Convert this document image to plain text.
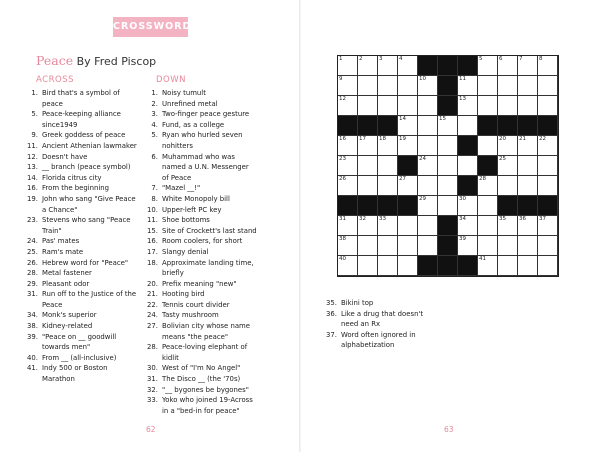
CROSSWORD
Peace By Fred Piscop
ACROSS	DOWN
1. Bird that's a symbol of
peace
5. Peace-keeping alliance
since1949
9. Greek goddess of peace
11. Ancient Athenian lawmaker
12. Doesn't have
13. __ branch (peace symbol)
14. Florida citrus city
16. From the beginning
19. John who sang "Give Peace
a Chance"
23. Stevens who sang "Peace
Train"
24. Pas' mates
25. Ram's mate
26. Hebrew word for "Peace"
28. Metal fastener
29. Pleasant odor
31. Run off to the Justice of the
Peace
34. Monk's superior
38. Kidney-related
39. "Peace on __ goodwill
towards men"
40. From __ (all-inclusive)
41. Indy 500 or Boston
Marathon
1. Noisy tumult
2. Unrefined metal
3. Two-finger peace gesture
4. Fund, as a college
5. Ryan who hurled seven
nohitters
6. Muhammad who was
named a U.N. Messenger
of Peace
7. "Mazel __!"
8. White Monopoly bill
10. Upper-left PC key
11. Shoe bottoms
15. Site of Crockett's last stand
16. Room coolers, for short
17. Slangy denial
18. Approximate landing time,
briefly
20. Prefix meaning "new"
21. Hooting bird
22. Tennis court divider
24. Tasty mushroom
27. Bolivian city whose name
means "the peace"
28. Peace-loving elephant of
kidlit
30. West of "I'm No Angel"
31. The Disco __ (the '70s)
32. "__ bygones be bygones"
33. Yoko who joined 19-Across
in a "bed-in for peace"
35. Bikini top
36. Like a drug that doesn't
need an Rx
37. Word often ignored in
alphabetization
1	2	3	4	5	6	7	8
9	10	11
12	13
14	15
16 17 18 19	20 21 22
23	24	25
26	27	28
29	30
31 32 33	34	35 36 37
38	39
40	41
62	63
